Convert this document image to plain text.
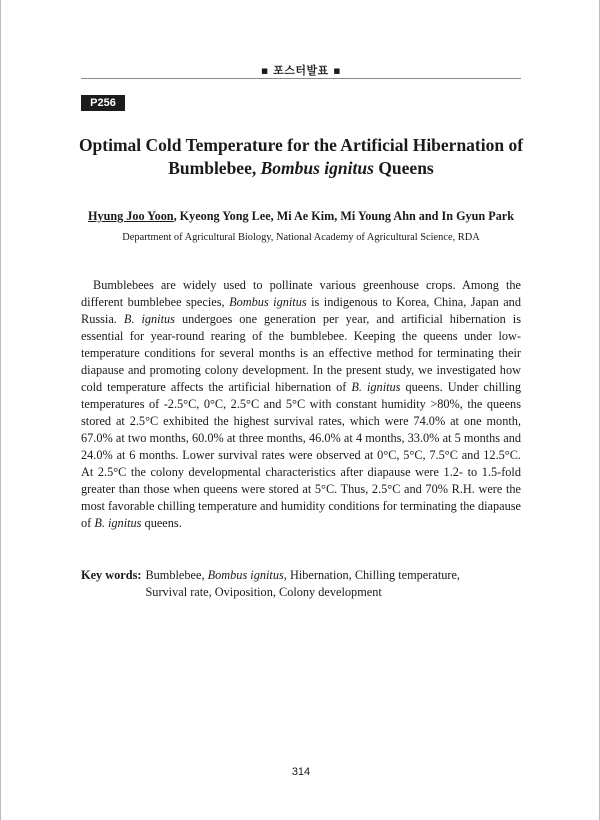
▪ 포스터발표 ▪
P256
Optimal Cold Temperature for the Artificial Hibernation of
Bumblebee, Bombus ignitus Queens
Hyung Joo Yoon, Kyeong Yong Lee, Mi Ae Kim, Mi Young Ahn and In Gyun Park
Department of Agricultural Biology, National Academy of Agricultural Science, RDA

Bumblebees are widely used to pollinate various greenhouse crops. Among the different bumblebee species, Bombus ignitus is indigenous to Korea, China, Japan and Russia. B. ignitus undergoes one generation per year, and artificial hibernation is essential for year-round rearing of the bumblebee. Keeping the queens under low-temperature conditions for several months is an effective method for terminating their diapause and promoting colony development. In the present study, we investigated how cold temperature affects the artificial hibernation of B. ignitus queens. Under chilling temperatures of -2.5°C, 0°C, 2.5°C and 5°C with constant humidity >80%, the queens stored at 2.5°C exhibited the highest survival rates, which were 74.0% at one month, 67.0% at two months, 60.0% at three months, 46.0% at 4 months, 33.0% at 5 months and 24.0% at 6 months. Lower survival rates were observed at 0°C, 5°C, 7.5°C and 12.5°C. At 2.5°C the colony developmental characteristics after diapause were 1.2- to 1.5-fold greater than those when queens were stored at 5°C. Thus, 2.5°C and 70% R.H. were the most favorable chilling temperature and humidity conditions for terminating the diapause of B. ignitus queens.

Key words: Bumblebee, Bombus ignitus, Hibernation, Chilling temperature,
Survival rate, Oviposition, Colony development
314
